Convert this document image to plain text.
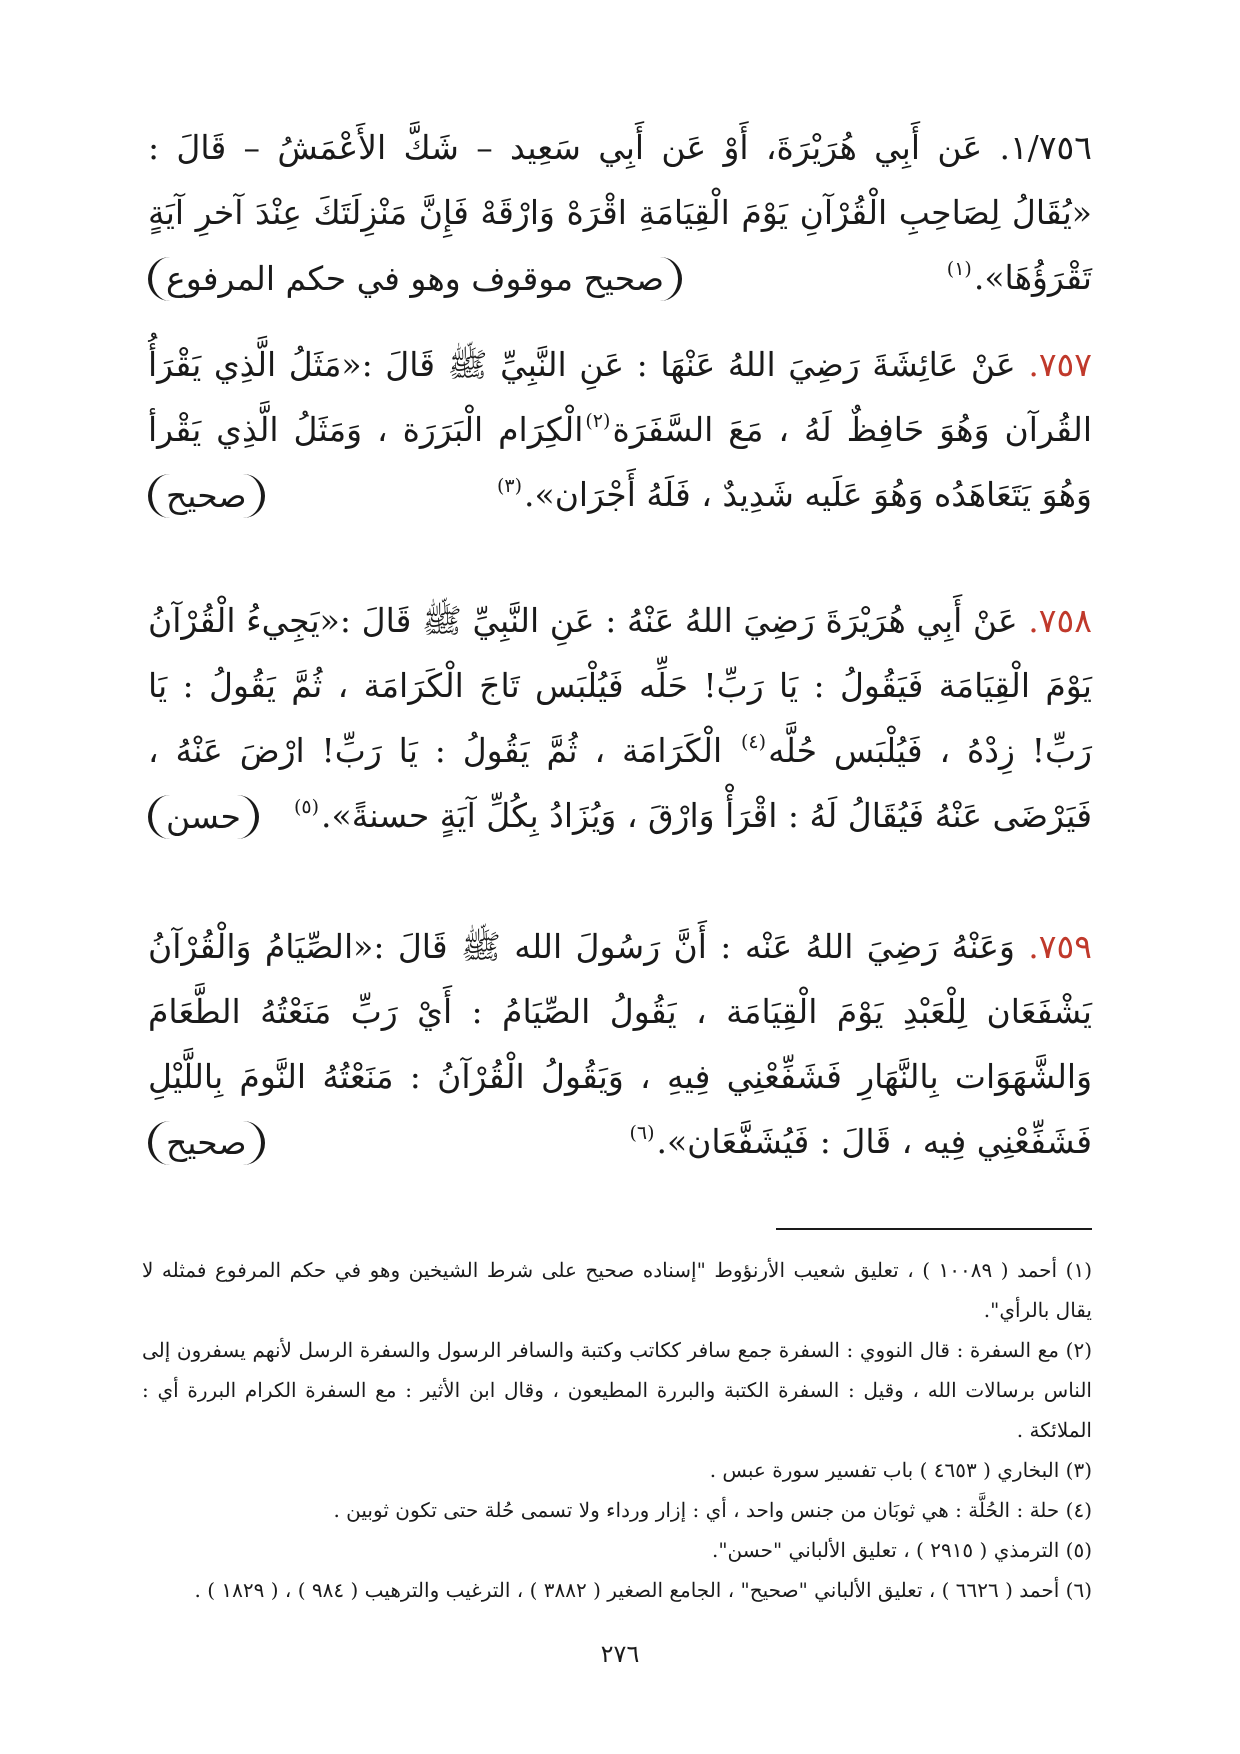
١/٧٥٦. عَن أَبِي هُرَيْرَةَ، أَوْ عَن أَبِي سَعِيد – شَكَّ الأَعْمَشُ – قَالَ : «يُقَالُ لِصَاحِبِ الْقُرْآنِ يَوْمَ الْقِيَامَةِ اقْرَهْ وَارْقَهْ فَإِنَّ مَنْزِلَتَكَ عِنْدَ آخرِ آيَةٍ تَقْرَؤُهَا».$^{(١)}$
صحيح موقوف وهو في حكم المرفوع
٧٥٧. عَنْ عَائِشَةَ رَضِيَ اللهُ عَنْهَا : عَنِ النَّبِيِّ ﷺ قَالَ :«مَثَلُ الَّذِي يَقْرَأُ القُرآن وَهُوَ حَافِظٌ لَهُ ، مَعَ السَّفَرَة$^{(٢)}$الْكِرَام الْبَرَرَة ، وَمَثَلُ الَّذِي يَقْرأ وَهُوَ يَتَعَاهَدُه وَهُوَ عَلَيه شَدِيدٌ ، فَلَهُ أَجْرَان».$^{(٣)}$
صحيح
٧٥٨. عَنْ أَبِي هُرَيْرَةَ رَضِيَ اللهُ عَنْهُ : عَنِ النَّبِيِّ ﷺ قَالَ :«يَجِيءُ الْقُرْآنُ يَوْمَ الْقِيَامَة فَيَقُولُ : يَا رَبِّ! حَلِّه فَيُلْبَس تَاجَ الْكَرَامَة ، ثُمَّ يَقُولُ : يَا رَبِّ! زِدْهُ ، فَيُلْبَس حُلَّه$^{(٤)}$ الْكَرَامَة ، ثُمَّ يَقُولُ : يَا رَبِّ! ارْضَ عَنْهُ ، فَيَرْضَى عَنْهُ فَيُقَالُ لَهُ : اقْرَأْ وَارْقَ ، وَيُزَادُ بِكُلِّ آيَةٍ حسنةً».$^{(٥)}$
حسن
٧٥٩. وَعَنْهُ رَضِيَ اللهُ عَنْه : أَنَّ رَسُولَ الله ﷺ قَالَ :«الصِّيَامُ وَالْقُرْآنُ يَشْفَعَان لِلْعَبْدِ يَوْمَ الْقِيَامَة ، يَقُولُ الصِّيَامُ : أَيْ رَبِّ مَنَعْتُهُ الطَّعَامَ وَالشَّهَوَات بِالنَّهَارِ فَشَفِّعْنِي فِيهِ ، وَيَقُولُ الْقُرْآنُ : مَنَعْتُهُ النَّومَ بِاللَّيْلِ فَشَفِّعْنِي فِيه ، قَالَ : فَيُشَفَّعَان».$^{(٦)}$
صحيح

(١) أحمد ( ١٠٠٨٩ ) ، تعليق شعيب الأرنؤوط "إسناده صحيح على شرط الشيخين وهو في حكم المرفوع فمثله لا يقال بالرأي".

(٢) مع السفرة : قال النووي : السفرة جمع سافر ككاتب وكتبة والسافر الرسول والسفرة الرسل لأنهم يسفرون إلى الناس برسالات الله ، وقيل : السفرة الكتبة والبررة المطيعون ، وقال ابن الأثير : مع السفرة الكرام البررة أي : الملائكة .

(٣) البخاري ( ٤٦٥٣ ) باب تفسير سورة عبس .

(٤) حلة : الحُلَّة : هي ثوبَان من جنس واحد ، أي : إزار ورداء ولا تسمى حُلة حتى تكون ثوبين .

(٥) الترمذي ( ٢٩١٥ ) ، تعليق الألباني "حسن".

(٦) أحمد ( ٦٦٢٦ ) ، تعليق الألباني "صحيح" ، الجامع الصغير ( ٣٨٨٢ ) ، الترغيب والترهيب ( ٩٨٤ ) ، ( ١٨٢٩ ) .

٢٧٦
